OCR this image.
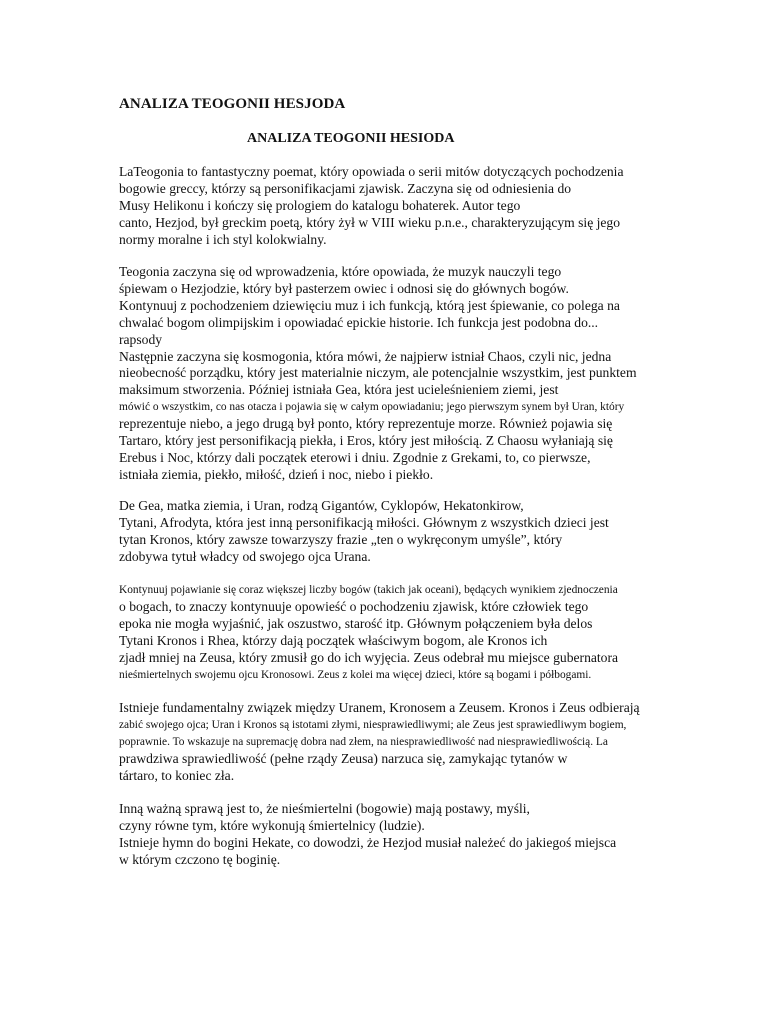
ANALIZA TEOGONII HESJODA
ANALIZA TEOGONII HESIODA

LaTeogonia to fantastyczny poemat, który opowiada o serii mitów dotyczących pochodzenia
bogowie greccy, którzy są personifikacjami zjawisk. Zaczyna się od odniesienia do
Musy Helikonu i kończy się prologiem do katalogu bohaterek. Autor tego
canto, Hezjod, był greckim poetą, który żył w VIII wieku p.n.e., charakteryzującym się jego
normy moralne i ich styl kolokwialny.

Teogonia zaczyna się od wprowadzenia, które opowiada, że muzyk nauczyli tego
śpiewam o Hezjodzie, który był pasterzem owiec i odnosi się do głównych bogów.
Kontynuuj z pochodzeniem dziewięciu muz i ich funkcją, którą jest śpiewanie, co polega na
chwalać bogom olimpijskim i opowiadać epickie historie. Ich funkcja jest podobna do...
rapsody
Następnie zaczyna się kosmogonia, która mówi, że najpierw istniał Chaos, czyli nic, jedna
nieobecność porządku, który jest materialnie niczym, ale potencjalnie wszystkim, jest punktem
maksimum stworzenia. Później istniała Gea, która jest ucieleśnieniem ziemi, jest
mówić o wszystkim, co nas otacza i pojawia się w całym opowiadaniu; jego pierwszym synem był Uran, który
reprezentuje niebo, a jego drugą był ponto, który reprezentuje morze. Również pojawia się
Tartaro, który jest personifikacją piekła, i Eros, który jest miłością. Z Chaosu wyłaniają się
Erebus i Noc, którzy dali początek eterowi i dniu. Zgodnie z Grekami, to, co pierwsze,
istniała ziemia, piekło, miłość, dzień i noc, niebo i piekło.

De Gea, matka ziemia, i Uran, rodzą Gigantów, Cyklopów, Hekatonkirow,
Tytani, Afrodyta, która jest inną personifikacją miłości. Głównym z wszystkich dzieci jest
tytan Kronos, który zawsze towarzyszy frazie „ten o wykręconym umyśle”, który
zdobywa tytuł władcy od swojego ojca Urana.

Kontynuuj pojawianie się coraz większej liczby bogów (takich jak oceani), będących wynikiem zjednoczenia
o bogach, to znaczy kontynuuje opowieść o pochodzeniu zjawisk, które człowiek tego
epoka nie mogła wyjaśnić, jak oszustwo, starość itp. Głównym połączeniem była delos
Tytani Kronos i Rhea, którzy dają początek właściwym bogom, ale Kronos ich
zjadł mniej na Zeusa, który zmusił go do ich wyjęcia. Zeus odebrał mu miejsce gubernatora
nieśmiertelnych swojemu ojcu Kronosowi. Zeus z kolei ma więcej dzieci, które są bogami i półbogami.

Istnieje fundamentalny związek między Uranem, Kronosem a Zeusem. Kronos i Zeus odbierają
zabić swojego ojca; Uran i Kronos są istotami złymi, niesprawiedliwymi; ale Zeus jest sprawiedliwym bogiem,
poprawnie. To wskazuje na supremację dobra nad złem, na niesprawiedliwość nad niesprawiedliwością. La
prawdziwa sprawiedliwość (pełne rządy Zeusa) narzuca się, zamykając tytanów w
tártaro, to koniec zła.

Inną ważną sprawą jest to, że nieśmiertelni (bogowie) mają postawy, myśli,
czyny równe tym, które wykonują śmiertelnicy (ludzie).
Istnieje hymn do bogini Hekate, co dowodzi, że Hezjod musiał należeć do jakiegoś miejsca
w którym czczono tę boginię.
